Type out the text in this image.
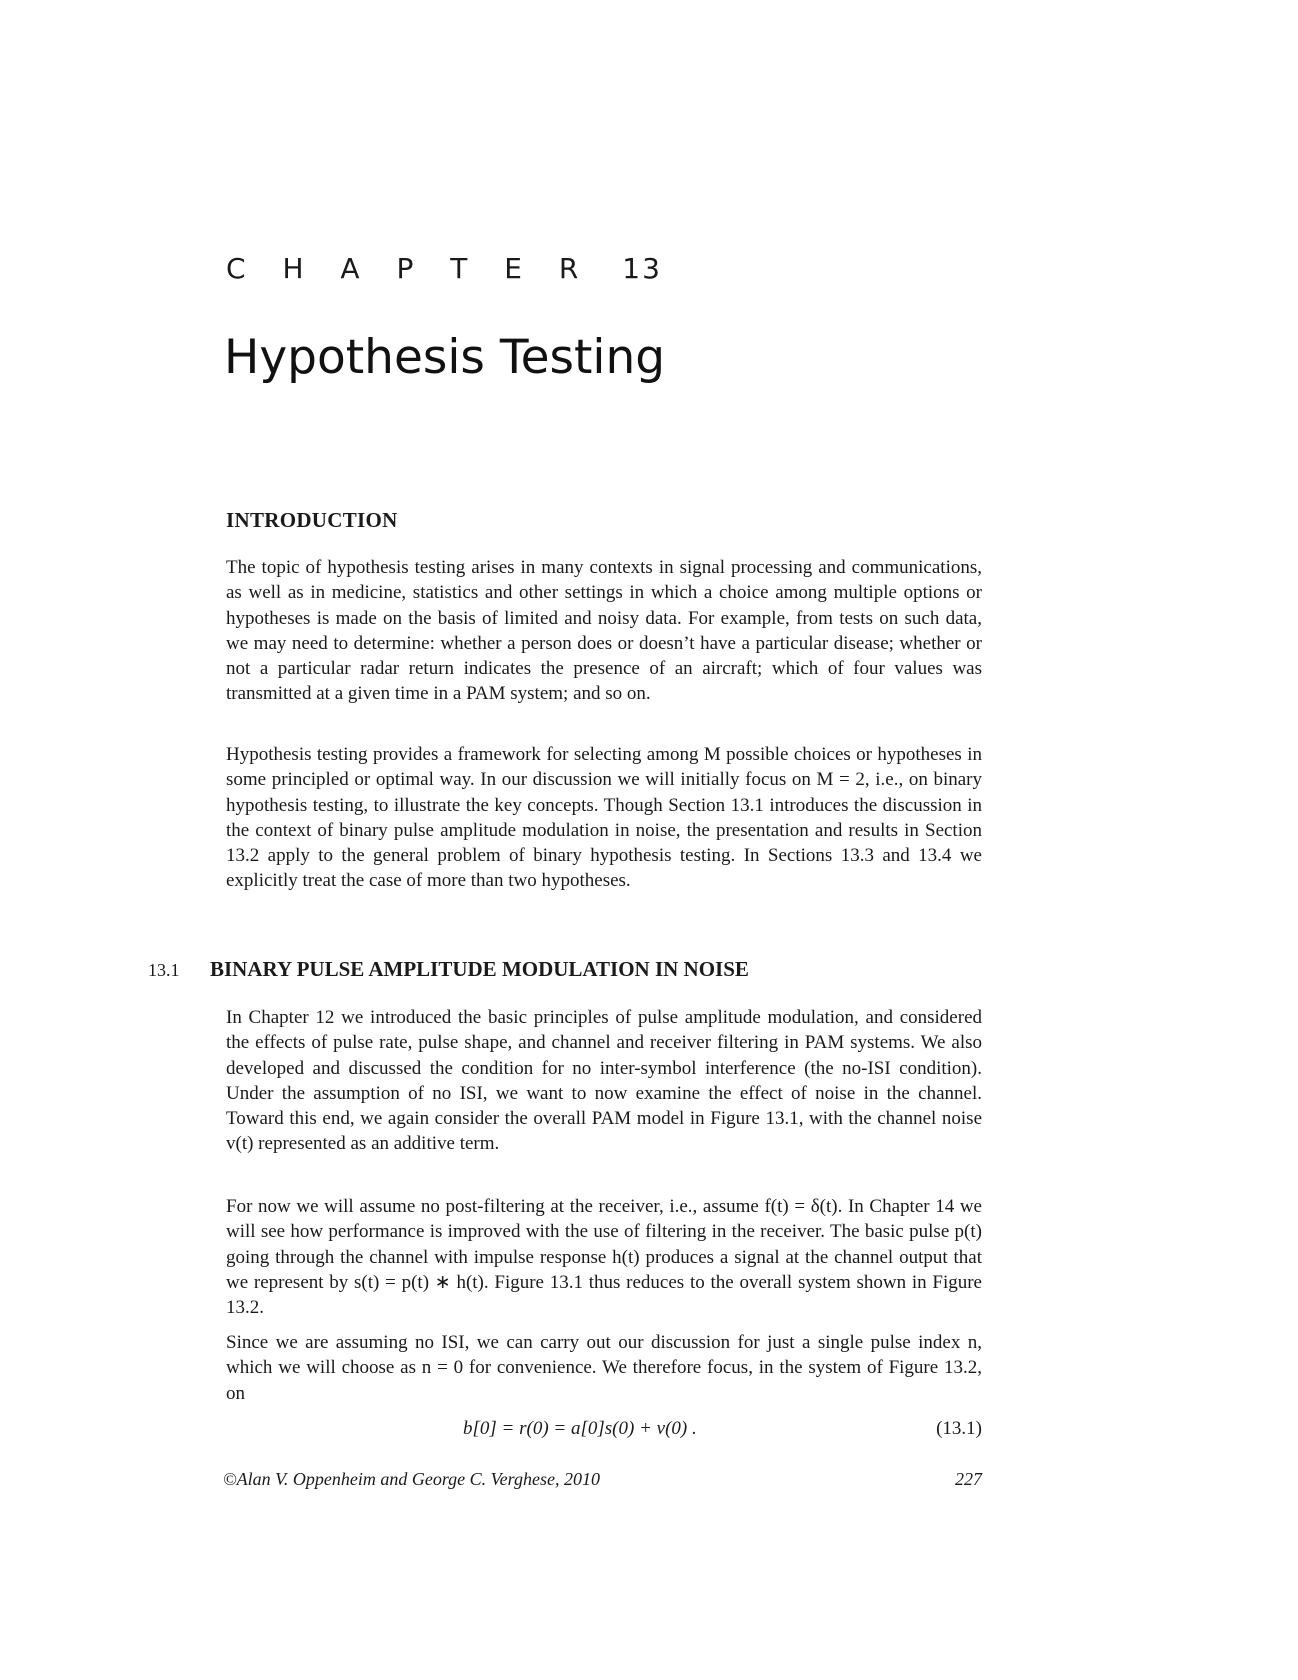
C H A P T E R 13
Hypothesis Testing
INTRODUCTION

The topic of hypothesis testing arises in many contexts in signal processing and communications, as well as in medicine, statistics and other settings in which a choice among multiple options or hypotheses is made on the basis of limited and noisy data. For example, from tests on such data, we may need to determine: whether a person does or doesn’t have a particular disease; whether or not a particular radar return indicates the presence of an aircraft; which of four values was transmitted at a given time in a PAM system; and so on.

Hypothesis testing provides a framework for selecting among M possible choices or hypotheses in some principled or optimal way. In our discussion we will initially focus on M = 2, i.e., on binary hypothesis testing, to illustrate the key concepts. Though Section 13.1 introduces the discussion in the context of binary pulse amplitude modulation in noise, the presentation and results in Section 13.2 apply to the general problem of binary hypothesis testing. In Sections 13.3 and 13.4 we explicitly treat the case of more than two hypotheses.

13.1 BINARY PULSE AMPLITUDE MODULATION IN NOISE

In Chapter 12 we introduced the basic principles of pulse amplitude modulation, and considered the effects of pulse rate, pulse shape, and channel and receiver filtering in PAM systems. We also developed and discussed the condition for no inter-symbol interference (the no-ISI condition). Under the assumption of no ISI, we want to now examine the effect of noise in the channel. Toward this end, we again consider the overall PAM model in Figure 13.1, with the channel noise v(t) represented as an additive term.

For now we will assume no post-filtering at the receiver, i.e., assume f(t) = δ(t). In Chapter 14 we will see how performance is improved with the use of filtering in the receiver. The basic pulse p(t) going through the channel with impulse response h(t) produces a signal at the channel output that we represent by s(t) = p(t) ∗ h(t). Figure 13.1 thus reduces to the overall system shown in Figure 13.2.

Since we are assuming no ISI, we can carry out our discussion for just a single pulse index n, which we will choose as n = 0 for convenience. We therefore focus, in the system of Figure 13.2, on

b[0] = r(0) = a[0]s(0) + v(0) .	(13.1)
©Alan V. Oppenheim and George C. Verghese, 2010	227
